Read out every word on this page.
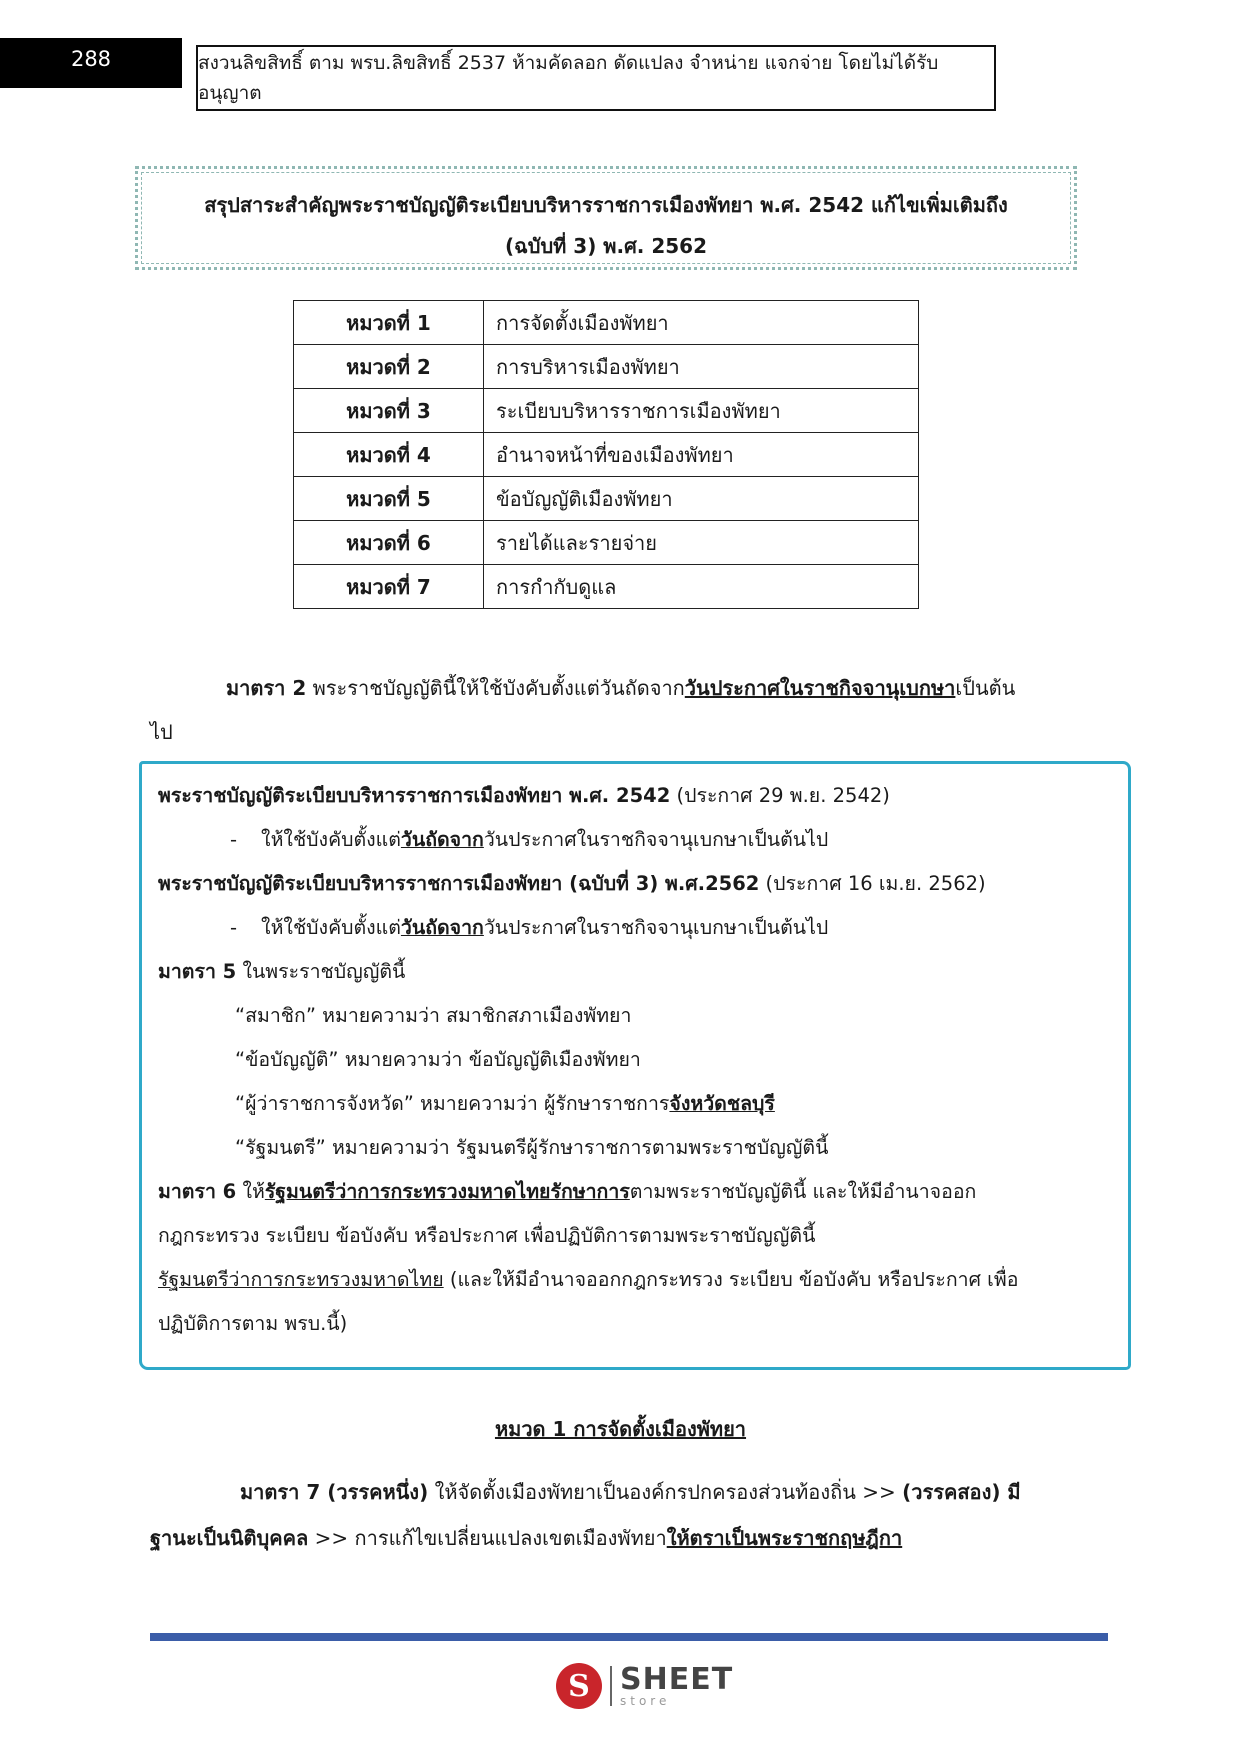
288	สงวนลิขสิทธิ์ ตาม พรบ.ลิขสิทธิ์ 2537 ห้ามคัดลอก ดัดแปลง จำหน่าย แจกจ่าย โดยไม่ได้รับอนุญาต
สรุปสาระสำคัญพระราชบัญญัติระเบียบบริหารราชการเมืองพัทยา พ.ศ. 2542 แก้ไขเพิ่มเติมถึง
(ฉบับที่ 3) พ.ศ. 2562
หมวดที่ 1	การจัดตั้งเมืองพัทยา
หมวดที่ 2	การบริหารเมืองพัทยา
หมวดที่ 3	ระเบียบบริหารราชการเมืองพัทยา
หมวดที่ 4	อำนาจหน้าที่ของเมืองพัทยา
หมวดที่ 5	ข้อบัญญัติเมืองพัทยา
หมวดที่ 6	รายได้และรายจ่าย
หมวดที่ 7	การกำกับดูแล
มาตรา 2 พระราชบัญญัตินี้ให้ใช้บังคับตั้งแต่วันถัดจากวันประกาศในราชกิจจานุเบกษาเป็นต้น
ไป
พระราชบัญญัติระเบียบบริหารราชการเมืองพัทยา พ.ศ. 2542 (ประกาศ 29 พ.ย. 2542)
- ให้ใช้บังคับตั้งแต่วันถัดจากวันประกาศในราชกิจจานุเบกษาเป็นต้นไป
พระราชบัญญัติระเบียบบริหารราชการเมืองพัทยา (ฉบับที่ 3) พ.ศ.2562 (ประกาศ 16 เม.ย. 2562)
- ให้ใช้บังคับตั้งแต่วันถัดจากวันประกาศในราชกิจจานุเบกษาเป็นต้นไป
มาตรา 5 ในพระราชบัญญัตินี้
“สมาชิก” หมายความว่า สมาชิกสภาเมืองพัทยา
“ข้อบัญญัติ” หมายความว่า ข้อบัญญัติเมืองพัทยา
“ผู้ว่าราชการจังหวัด” หมายความว่า ผู้รักษาราชการจังหวัดชลบุรี
“รัฐมนตรี” หมายความว่า รัฐมนตรีผู้รักษาราชการตามพระราชบัญญัตินี้
มาตรา 6 ให้รัฐมนตรีว่าการกระทรวงมหาดไทยรักษาการตามพระราชบัญญัตินี้ และให้มีอำนาจออก
กฎกระทรวง ระเบียบ ข้อบังคับ หรือประกาศ เพื่อปฏิบัติการตามพระราชบัญญัตินี้
รัฐมนตรีว่าการกระทรวงมหาดไทย (และให้มีอำนาจออกกฎกระทรวง ระเบียบ ข้อบังคับ หรือประกาศ เพื่อ
ปฏิบัติการตาม พรบ.นี้)
หมวด 1 การจัดตั้งเมืองพัทยา
มาตรา 7 (วรรคหนึ่ง) ให้จัดตั้งเมืองพัทยาเป็นองค์กรปกครองส่วนท้องถิ่น >> (วรรคสอง) มี
ฐานะเป็นนิติบุคคล >> การแก้ไขเปลี่ยนแปลงเขตเมืองพัทยาให้ตราเป็นพระราชกฤษฎีกา
S	SHEET
store
